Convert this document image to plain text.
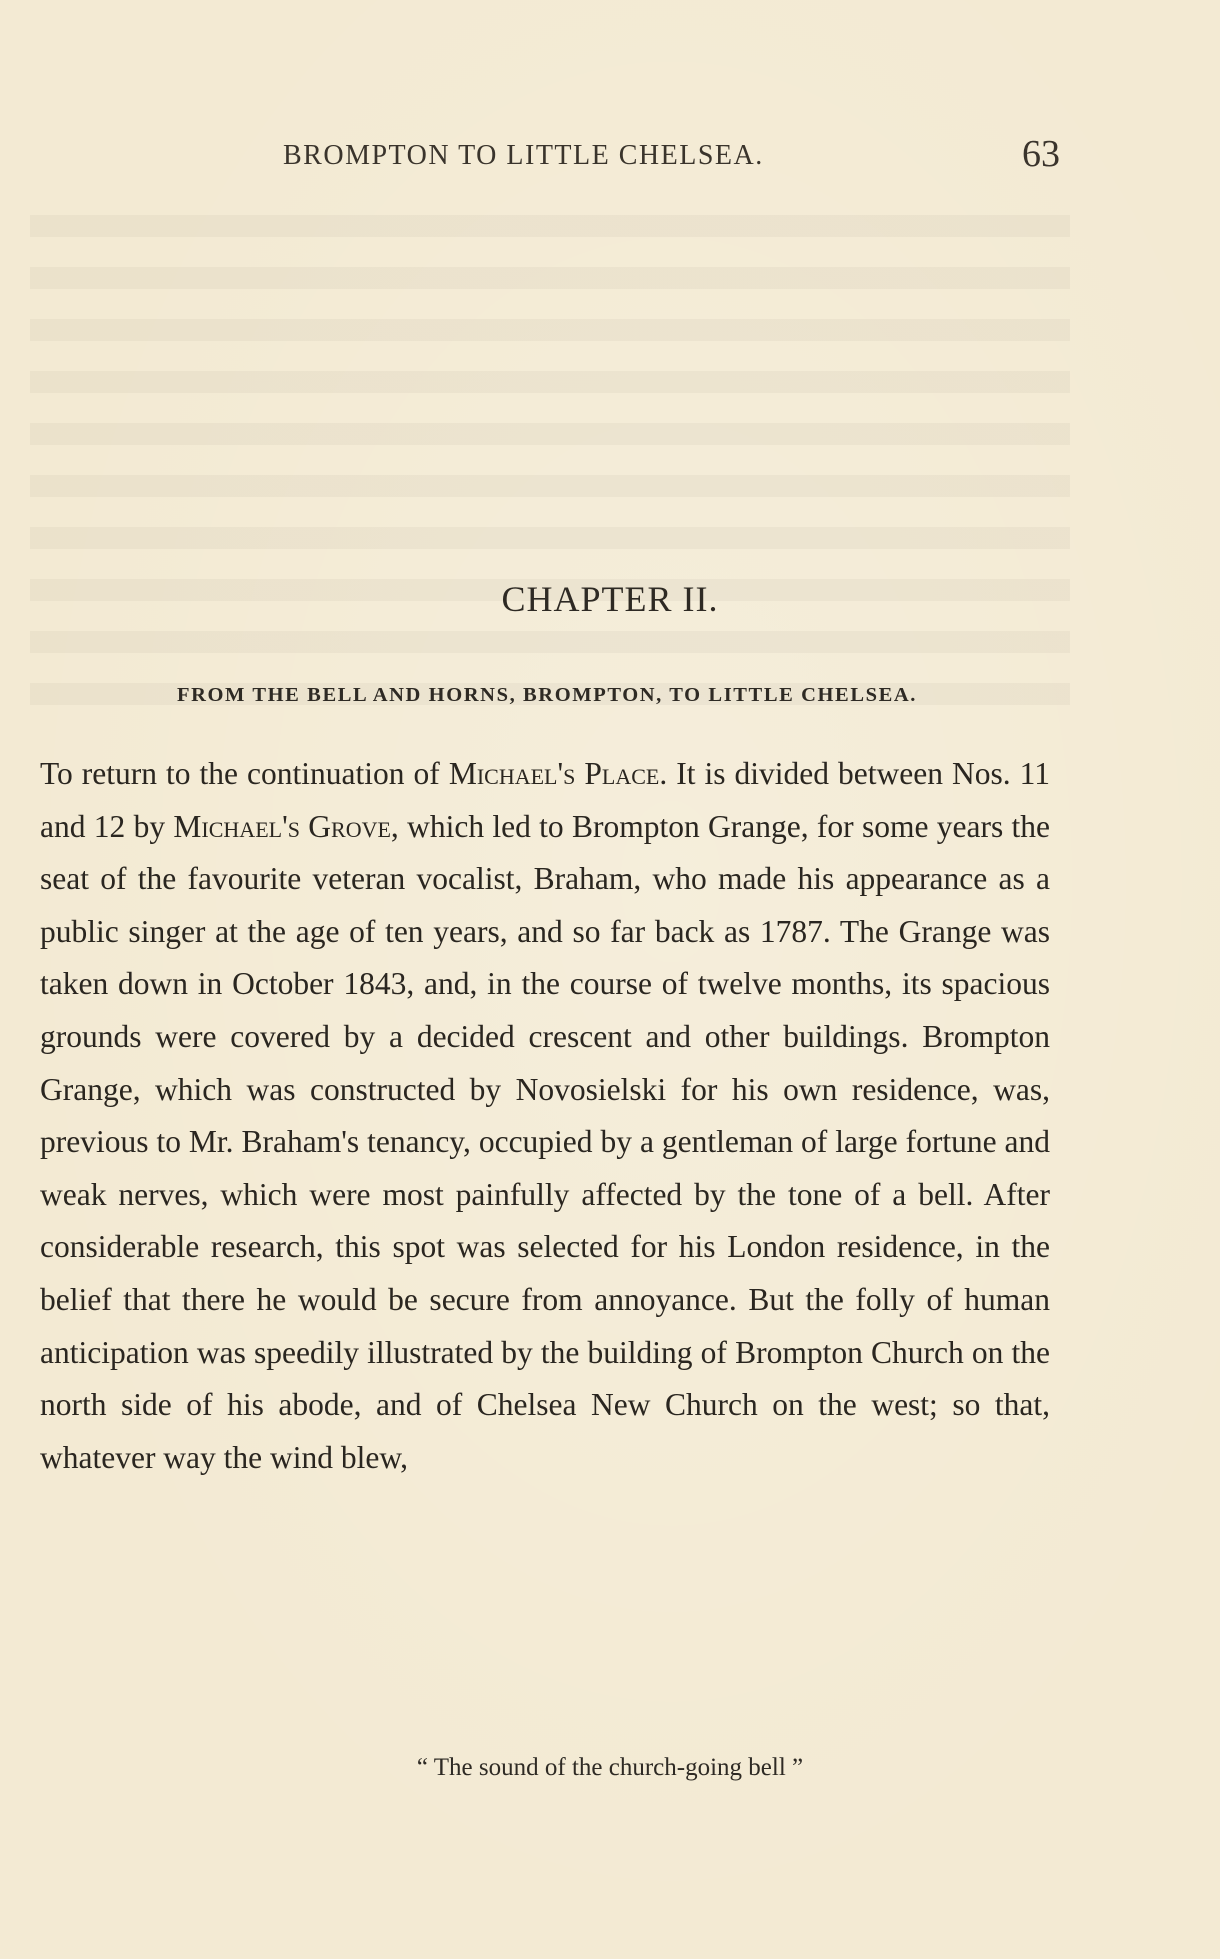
BROMPTON TO LITTLE CHELSEA.	63
CHAPTER II.
FROM THE BELL AND HORNS, BROMPTON, TO LITTLE CHELSEA.
To return to the continuation of Michael's Place. It is divided between Nos. 11 and 12 by Michael's Grove, which led to Brompton Grange, for some years the seat of the favourite veteran vocalist, Braham, who made his appearance as a public singer at the age of ten years, and so far back as 1787. The Grange was taken down in October 1843, and, in the course of twelve months, its spacious grounds were covered by a decided crescent and other buildings. Brompton Grange, which was constructed by Novosielski for his own residence, was, previous to Mr. Braham's tenancy, occupied by a gentleman of large fortune and weak nerves, which were most painfully affected by the tone of a bell. After considerable research, this spot was selected for his London residence, in the belief that there he would be secure from annoyance. But the folly of human anticipation was speedily illustrated by the building of Brompton Church on the north side of his abode, and of Chelsea New Church on the west; so that, whatever way the wind blew,
“ The sound of the church-going bell ”
